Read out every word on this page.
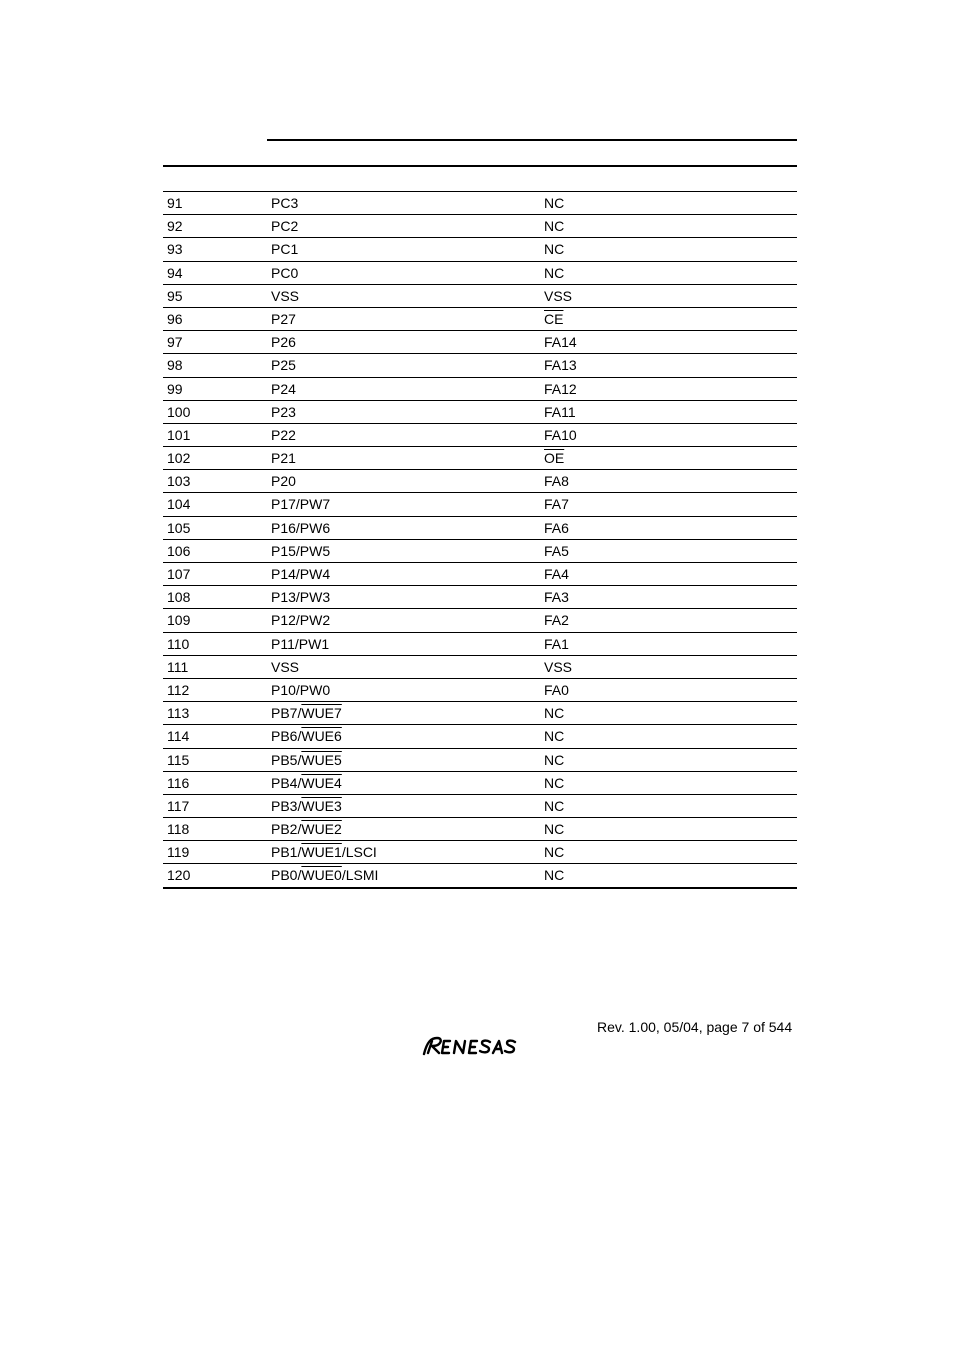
91	PC3	NC
92	PC2	NC
93	PC1	NC
94	PC0	NC
95	VSS	VSS
96	P27	$\overline{CE}$
97	P26	FA14
98	P25	FA13
99	P24	FA12
100	P23	FA11
101	P22	FA10
102	P21	$\overline{OE}$
103	P20	FA8
104	P17/PW7	FA7
105	P16/PW6	FA6
106	P15/PW5	FA5
107	P14/PW4	FA4
108	P13/PW3	FA3
109	P12/PW2	FA2
110	P11/PW1	FA1
111	VSS	VSS
112	P10/PW0	FA0
113	PB7/WUE7	NC
114	PB6/WUE6	NC
115	PB5/WUE5	NC
116	PB4/WUE4	NC
117	PB3/WUE3	NC
118	PB2/WUE2	NC
119	PB1/WUE1/LSCI	NC
120	PB0/WUE0/LSMI	NC
Rev. 1.00, 05/04, page 7 of 544
